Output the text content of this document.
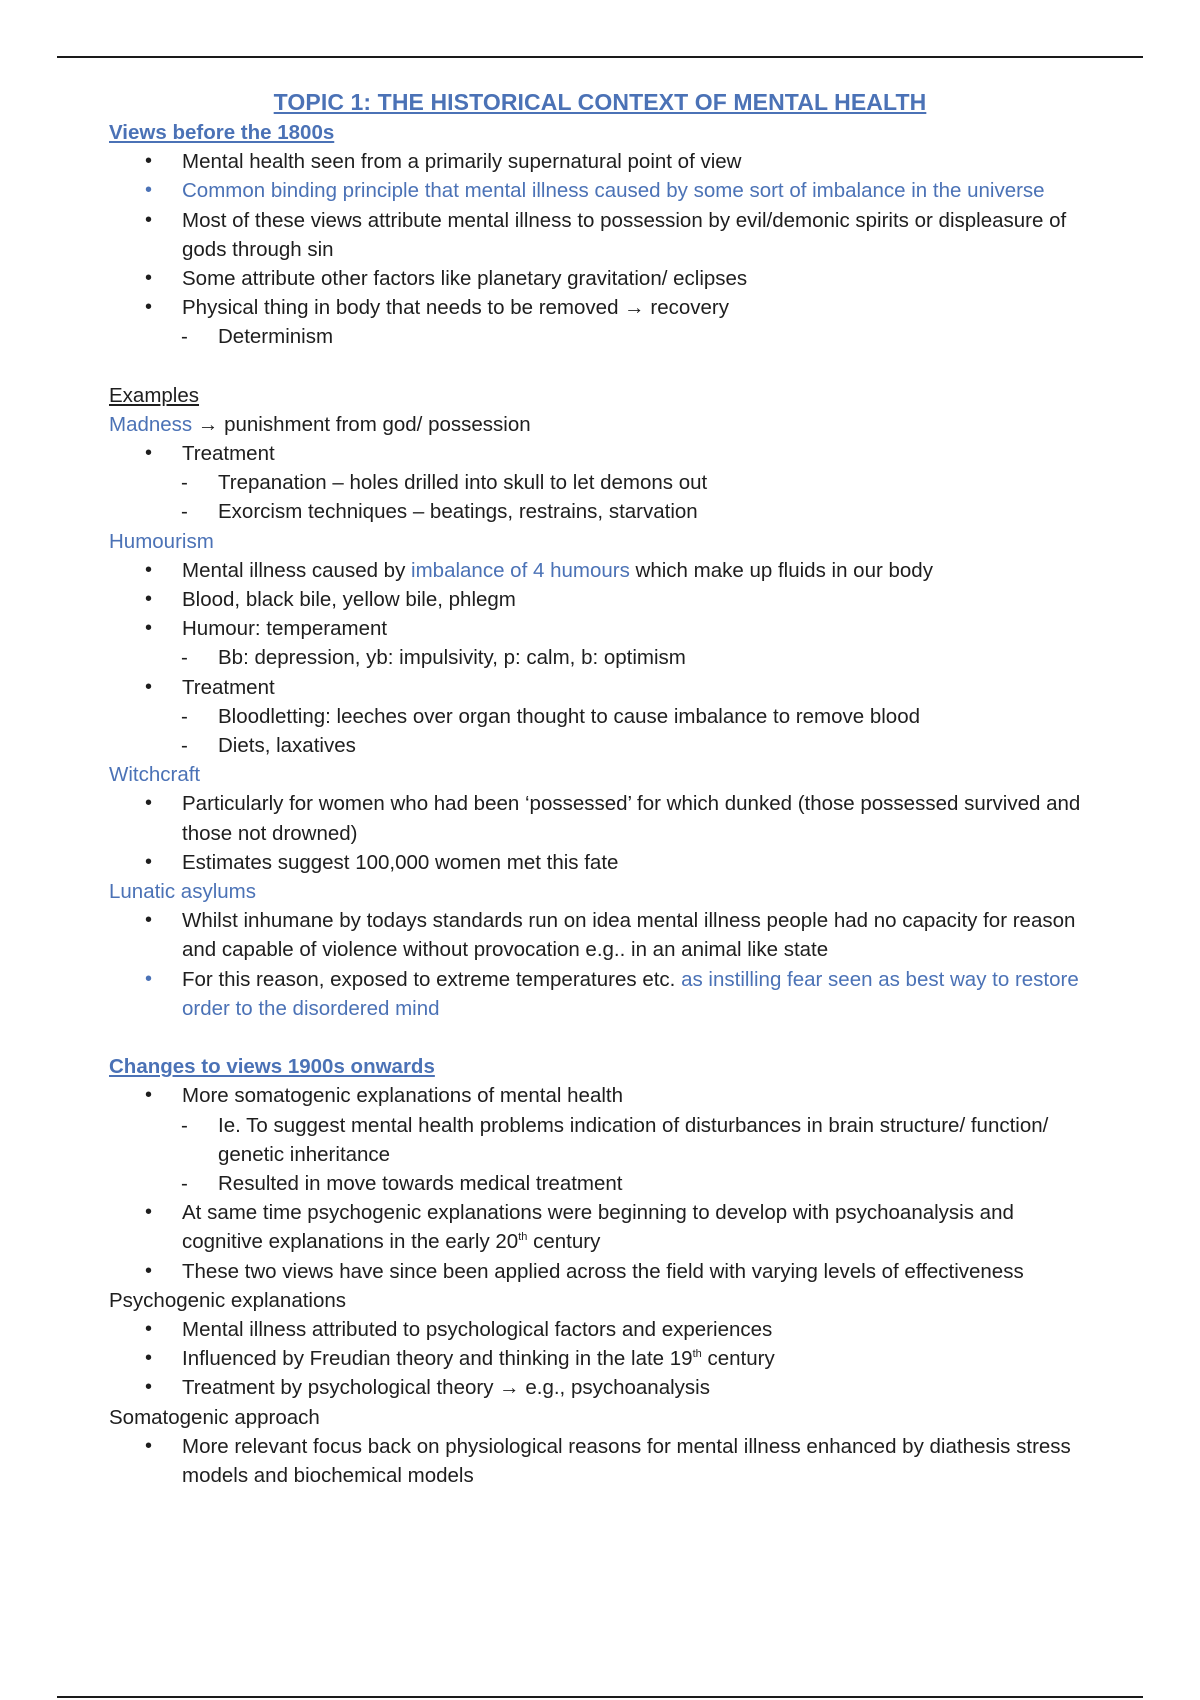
TOPIC 1: THE HISTORICAL CONTEXT OF MENTAL HEALTH

Views before the 1800s

• Mental health seen from a primarily supernatural point of view
• Common binding principle that mental illness caused by some sort of imbalance in the universe
• Most of these views attribute mental illness to possession by evil/demonic spirits or displeasure of gods through sin
• Some attribute other factors like planetary gravitation/ eclipses
• Physical thing in body that needs to be removed → recovery
- Determinism

Examples

Madness → punishment from god/ possession

• Treatment
- Trepanation – holes drilled into skull to let demons out
- Exorcism techniques – beatings, restrains, starvation

Humourism

• Mental illness caused by imbalance of 4 humours which make up fluids in our body
• Blood, black bile, yellow bile, phlegm
• Humour: temperament
- Bb: depression, yb: impulsivity, p: calm, b: optimism
• Treatment
- Bloodletting: leeches over organ thought to cause imbalance to remove blood
- Diets, laxatives

Witchcraft

• Particularly for women who had been ‘possessed’ for which dunked (those possessed survived and those not drowned)
• Estimates suggest 100,000 women met this fate

Lunatic asylums

• Whilst inhumane by todays standards run on idea mental illness people had no capacity for reason and capable of violence without provocation e.g.. in an animal like state
• For this reason, exposed to extreme temperatures etc. as instilling fear seen as best way to restore order to the disordered mind

Changes to views 1900s onwards

• More somatogenic explanations of mental health
- Ie. To suggest mental health problems indication of disturbances in brain structure/ function/ genetic inheritance
- Resulted in move towards medical treatment
• At same time psychogenic explanations were beginning to develop with psychoanalysis and cognitive explanations in the early 20th century
• These two views have since been applied across the field with varying levels of effectiveness

Psychogenic explanations

• Mental illness attributed to psychological factors and experiences
• Influenced by Freudian theory and thinking in the late 19th century
• Treatment by psychological theory → e.g., psychoanalysis

Somatogenic approach

• More relevant focus back on physiological reasons for mental illness enhanced by diathesis stress models and biochemical models
